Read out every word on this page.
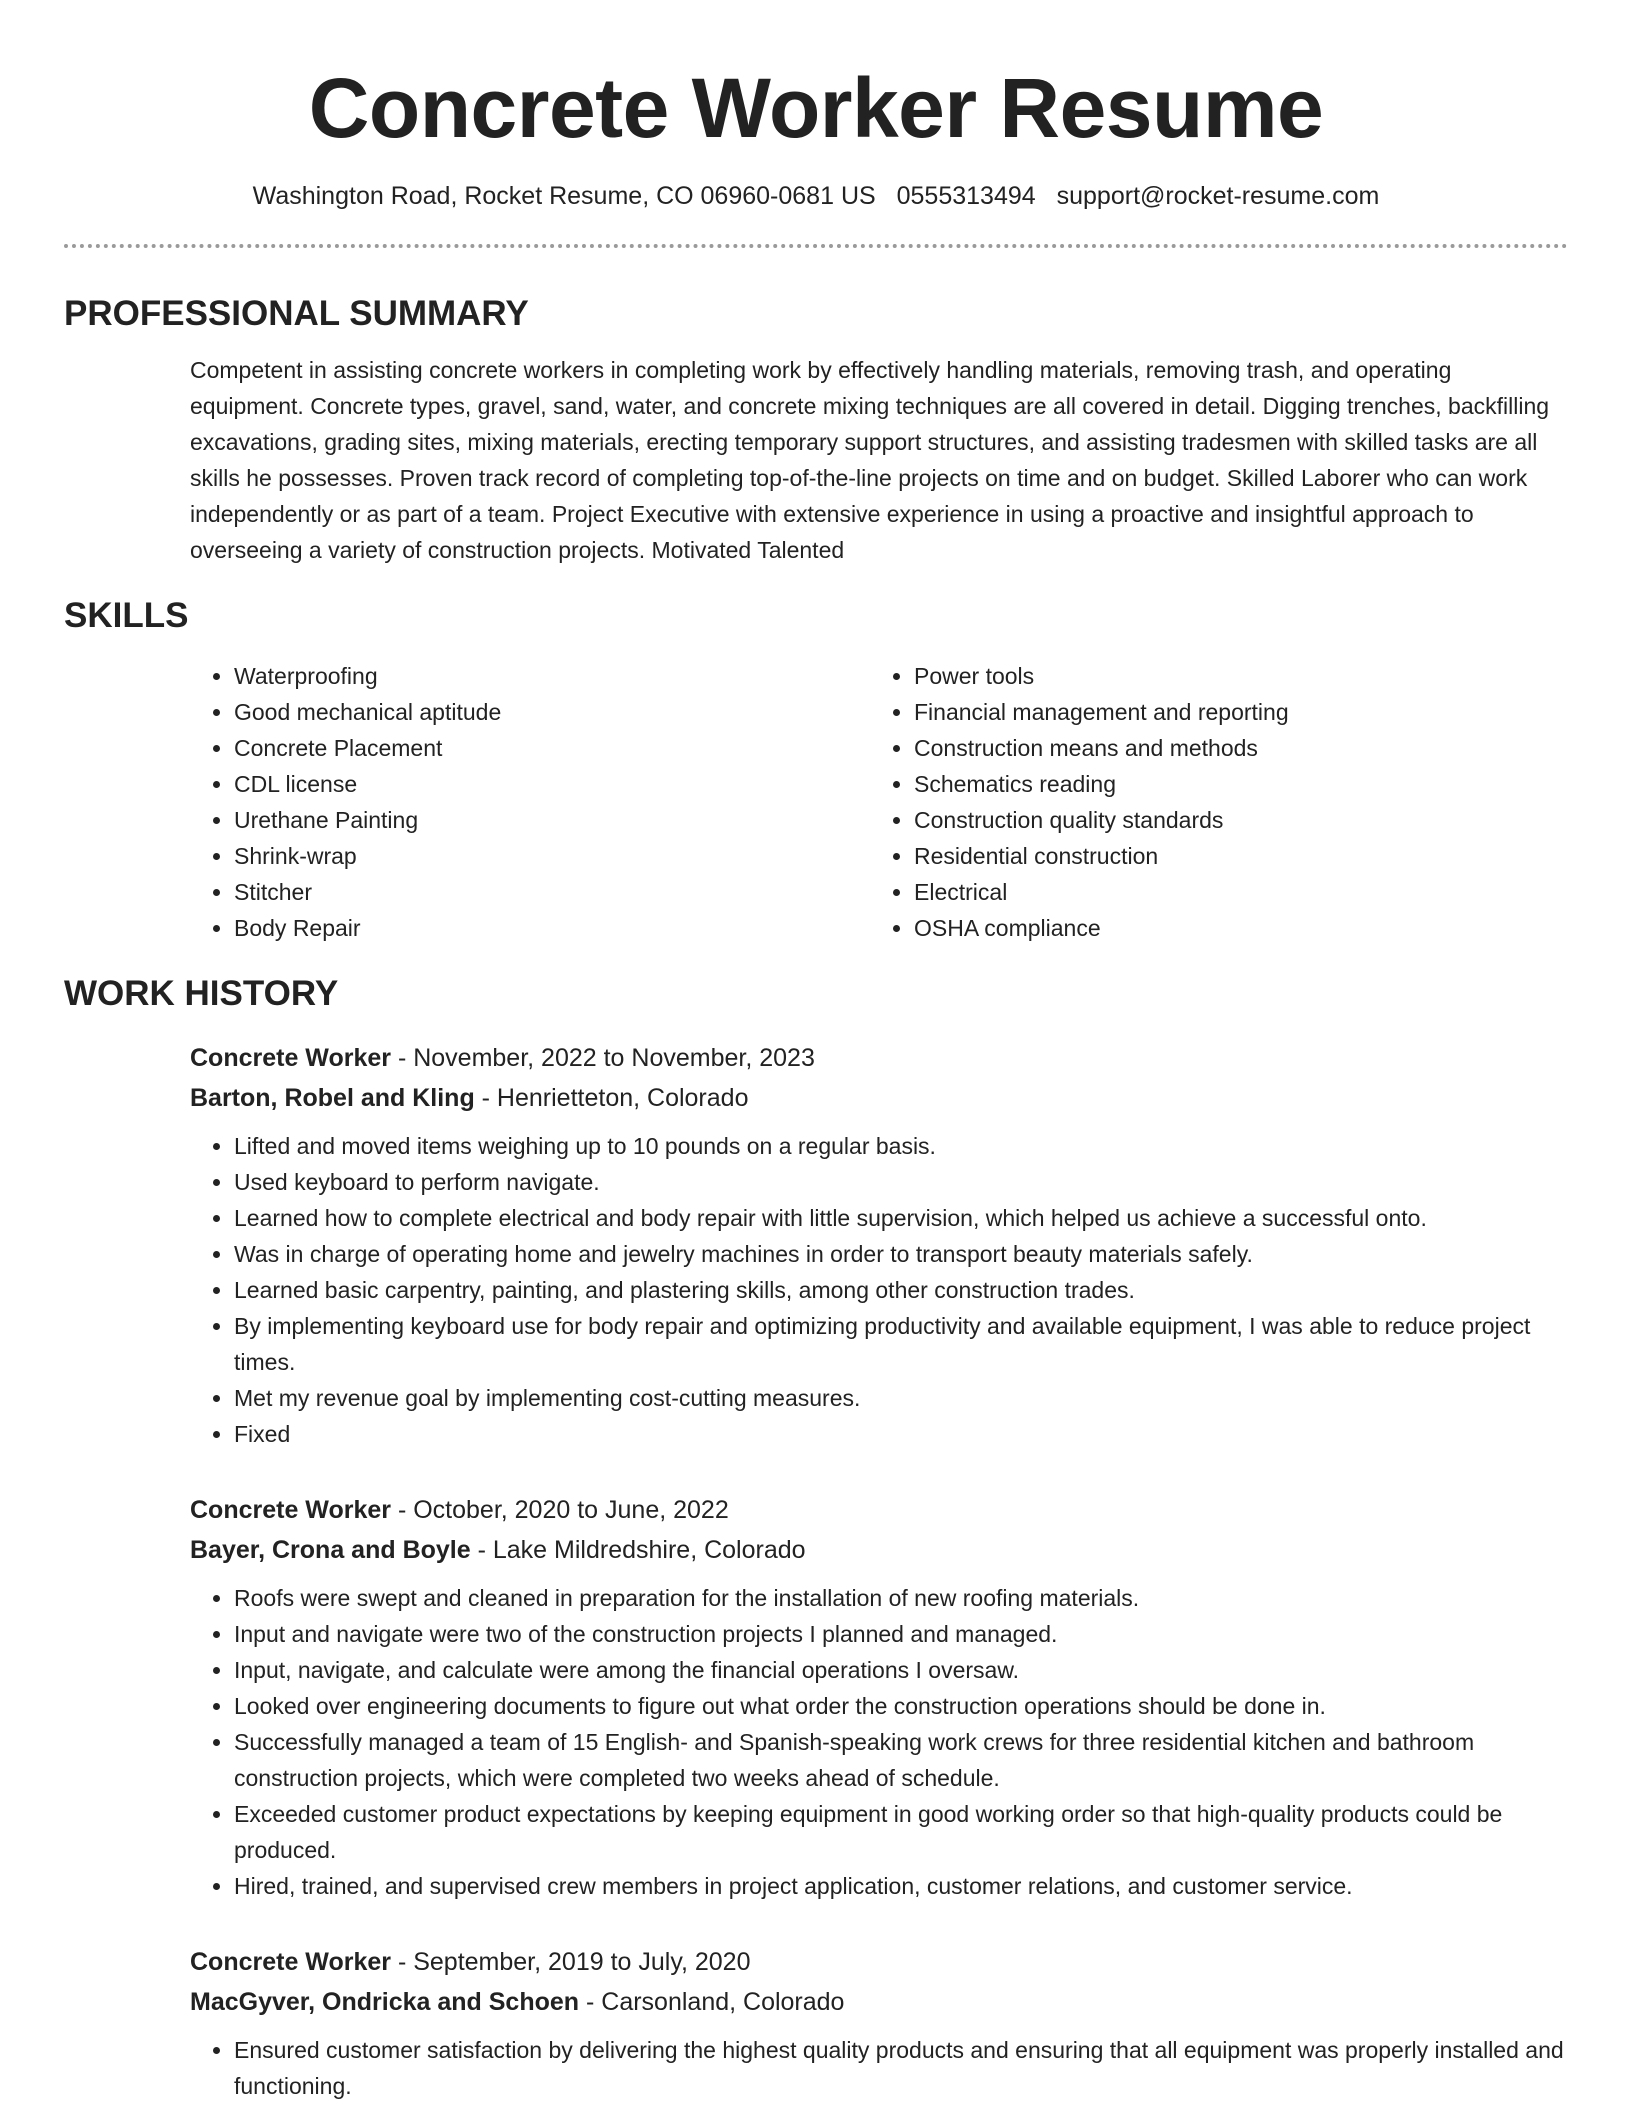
Concrete Worker Resume
Washington Road, Rocket Resume, CO 06960-0681 US 0555313494 support@rocket-resume.com
PROFESSIONAL SUMMARY

Competent in assisting concrete workers in completing work by effectively handling materials, removing trash, and operating equipment. Concrete types, gravel, sand, water, and concrete mixing techniques are all covered in detail. Digging trenches, backfilling excavations, grading sites, mixing materials, erecting temporary support structures, and assisting tradesmen with skilled tasks are all skills he possesses. Proven track record of completing top-of-the-line projects on time and on budget. Skilled Laborer who can work independently or as part of a team. Project Executive with extensive experience in using a proactive and insightful approach to overseeing a variety of construction projects. Motivated Talented

SKILLS
• Waterproofing
• Good mechanical aptitude
• Concrete Placement
• CDL license
• Urethane Painting
• Shrink-wrap
• Stitcher
• Body Repair
• Power tools
• Financial management and reporting
• Construction means and methods
• Schematics reading
• Construction quality standards
• Residential construction
• Electrical
• OSHA compliance
WORK HISTORY
Concrete Worker - November, 2022 to November, 2023
Barton, Robel and Kling - Henrietteton, Colorado
• Lifted and moved items weighing up to 10 pounds on a regular basis.
• Used keyboard to perform navigate.
• Learned how to complete electrical and body repair with little supervision, which helped us achieve a successful onto.
• Was in charge of operating home and jewelry machines in order to transport beauty materials safely.
• Learned basic carpentry, painting, and plastering skills, among other construction trades.
• By implementing keyboard use for body repair and optimizing productivity and available equipment, I was able to reduce project times.
• Met my revenue goal by implementing cost-cutting measures.
• Fixed
Concrete Worker - October, 2020 to June, 2022
Bayer, Crona and Boyle - Lake Mildredshire, Colorado
• Roofs were swept and cleaned in preparation for the installation of new roofing materials.
• Input and navigate were two of the construction projects I planned and managed.
• Input, navigate, and calculate were among the financial operations I oversaw.
• Looked over engineering documents to figure out what order the construction operations should be done in.
• Successfully managed a team of 15 English- and Spanish-speaking work crews for three residential kitchen and bathroom construction projects, which were completed two weeks ahead of schedule.
• Exceeded customer product expectations by keeping equipment in good working order so that high-quality products could be produced.
• Hired, trained, and supervised crew members in project application, customer relations, and customer service.
Concrete Worker - September, 2019 to July, 2020
MacGyver, Ondricka and Schoen - Carsonland, Colorado
• Ensured customer satisfaction by delivering the highest quality products and ensuring that all equipment was properly installed and functioning.
